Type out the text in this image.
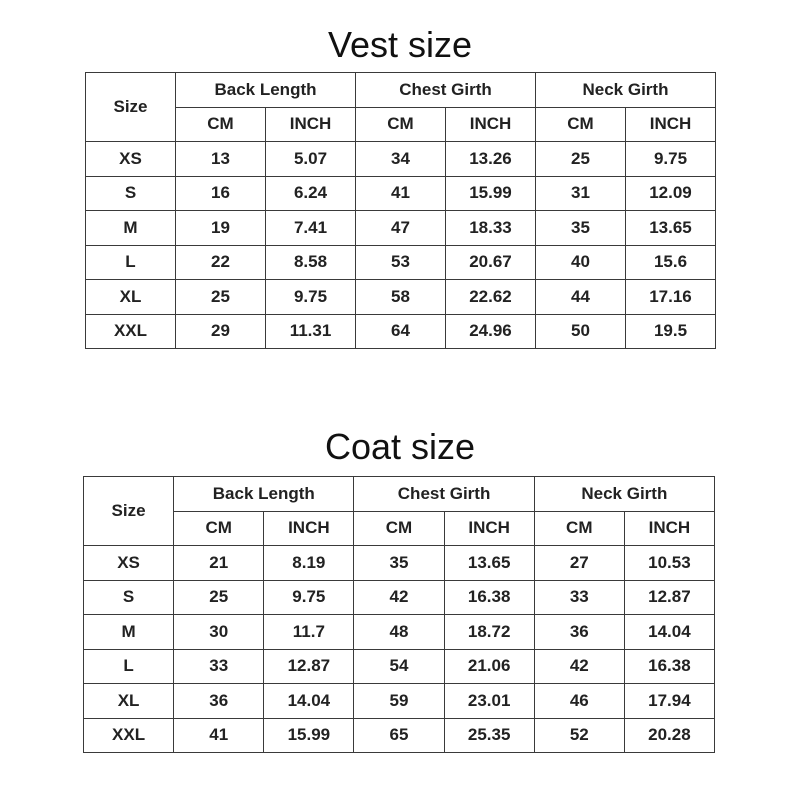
Vest size
Size	Back Length		Chest Girth		Neck Girth	
	CM	INCH	CM	INCH	CM	INCH
XS	13	5.07	34	13.26	25	9.75
S	16	6.24	41	15.99	31	12.09
M	19	7.41	47	18.33	35	13.65
L	22	8.58	53	20.67	40	15.6
XL	25	9.75	58	22.62	44	17.16
XXL	29	11.31	64	24.96	50	19.5
Coat size
Size	Back Length		Chest Girth		Neck Girth	
	CM	INCH	CM	INCH	CM	INCH
XS	21	8.19	35	13.65	27	10.53
S	25	9.75	42	16.38	33	12.87
M	30	11.7	48	18.72	36	14.04
L	33	12.87	54	21.06	42	16.38
XL	36	14.04	59	23.01	46	17.94
XXL	41	15.99	65	25.35	52	20.28
